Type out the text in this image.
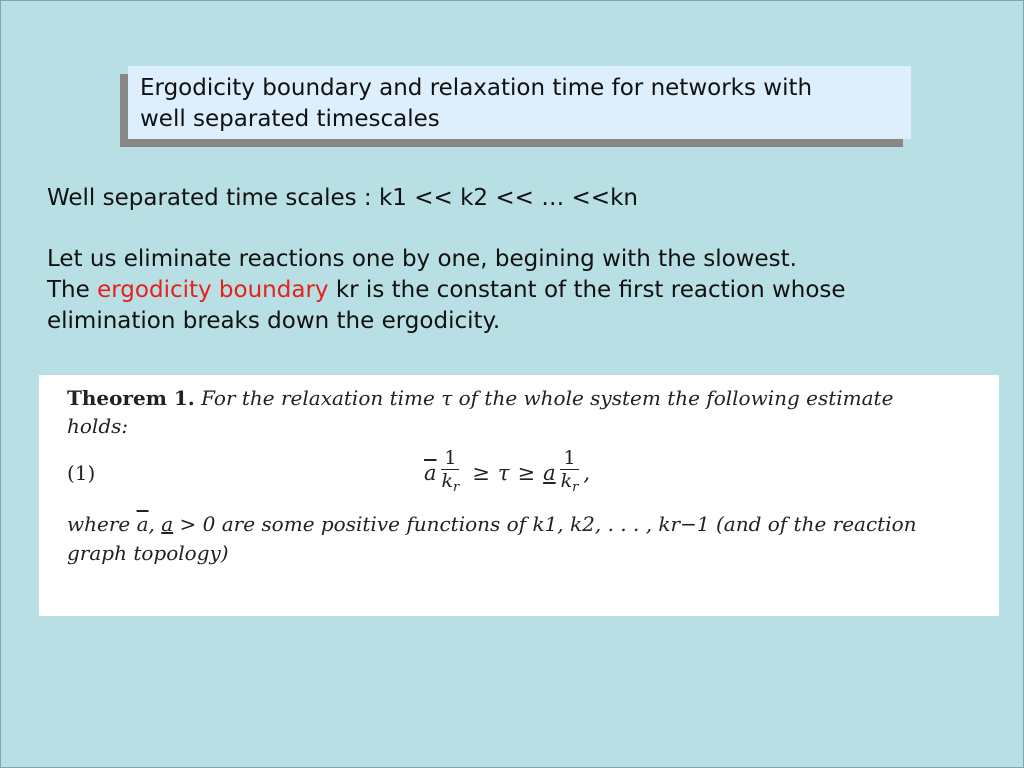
Ergodicity boundary and relaxation time for networks with
well separated timescales

Well separated time scales : k1 << k2 << … <<kn

Let us eliminate reactions one by one, begining with the slowest.

The ergodicity boundary kr is the constant of the first reaction whose

elimination breaks down the ergodicity.

Theorem 1. For the relaxation time τ of the whole system the following estimate
holds:
(1)	$\overline{a} \frac{1}{k_r} \ge \tau \ge a \frac{1}{k_r}$ ,
where $\overline{a}$, a > 0 are some positive functions of k1, k2, . . . , kr−1 (and of the reaction
graph topology)
